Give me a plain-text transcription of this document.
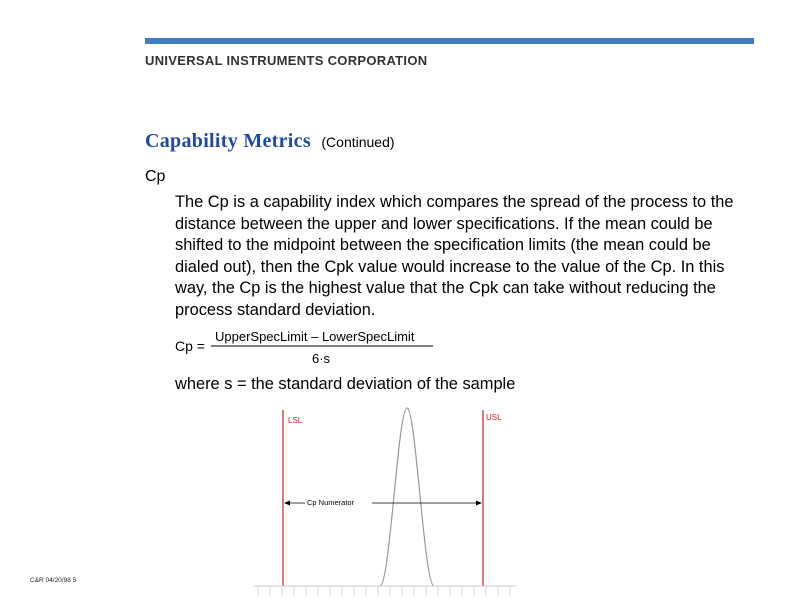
UNIVERSAL INSTRUMENTS CORPORATION
Capability Metrics (Continued)
Cp
The Cp is a capability index which compares the spread of the process to the distance between the upper and lower specifications. If the mean could be shifted to the midpoint between the specification limits (the mean could be dialed out), then the Cpk value would increase to the value of the Cp. In this way, the Cp is the highest value that the Cpk can take without reducing the process standard deviation.
Cp =
UpperSpecLimit – LowerSpecLimit
6·s
where s = the standard deviation of the sample
LSL	USL
Cp Numerator
C&R 04/20/98 5
